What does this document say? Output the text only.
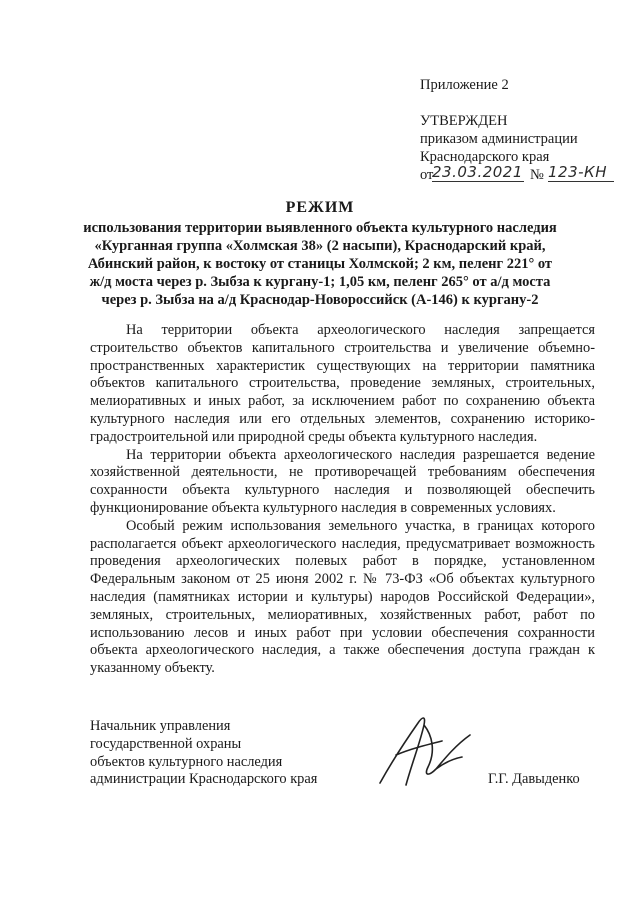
Приложение 2
УТВЕРЖДЕН
приказом администрации
Краснодарского края
от
23.03.2021 № 123-КН

РЕЖИМ
использования территории выявленного объекта культурного наследия
«Курганная группа «Холмская 38» (2 насыпи), Краснодарский край,
Абинский район, к востоку от станицы Холмской; 2 км, пеленг 221° от
ж/д моста через р. Зыбза к кургану-1; 1,05 км, пеленг 265° от а/д моста
через р. Зыбза на а/д Краснодар-Новороссийск (А-146) к кургану-2

На территории объекта археологического наследия запрещается строительство объектов капитального строительства и увеличение объемно-пространственных характеристик существующих на территории памятника объектов капитального строительства, проведение земляных, строительных, мелиоративных и иных работ, за исключением работ по сохранению объекта культурного наследия или его отдельных элементов, сохранению историко-градостроительной или природной среды объекта культурного наследия.

На территории объекта археологического наследия разрешается ведение хозяйственной деятельности, не противоречащей требованиям обеспечения сохранности объекта культурного наследия и позволяющей обеспечить функционирование объекта культурного наследия в современных условиях.

Особый режим использования земельного участка, в границах которого располагается объект археологического наследия, предусматривает возможность проведения археологических полевых работ в порядке, установленном Федеральным законом от 25 июня 2002 г. № 73-ФЗ «Об объектах культурного наследия (памятниках истории и культуры) народов Российской Федерации», земляных, строительных, мелиоративных, хозяйственных работ, работ по использованию лесов и иных работ при условии обеспечения сохранности объекта археологического наследия, а также обеспечения доступа граждан к указанному объекту.

Начальник управления
государственной охраны
объектов культурного наследия
администрации Краснодарского края	Г.Г. Давыденко
